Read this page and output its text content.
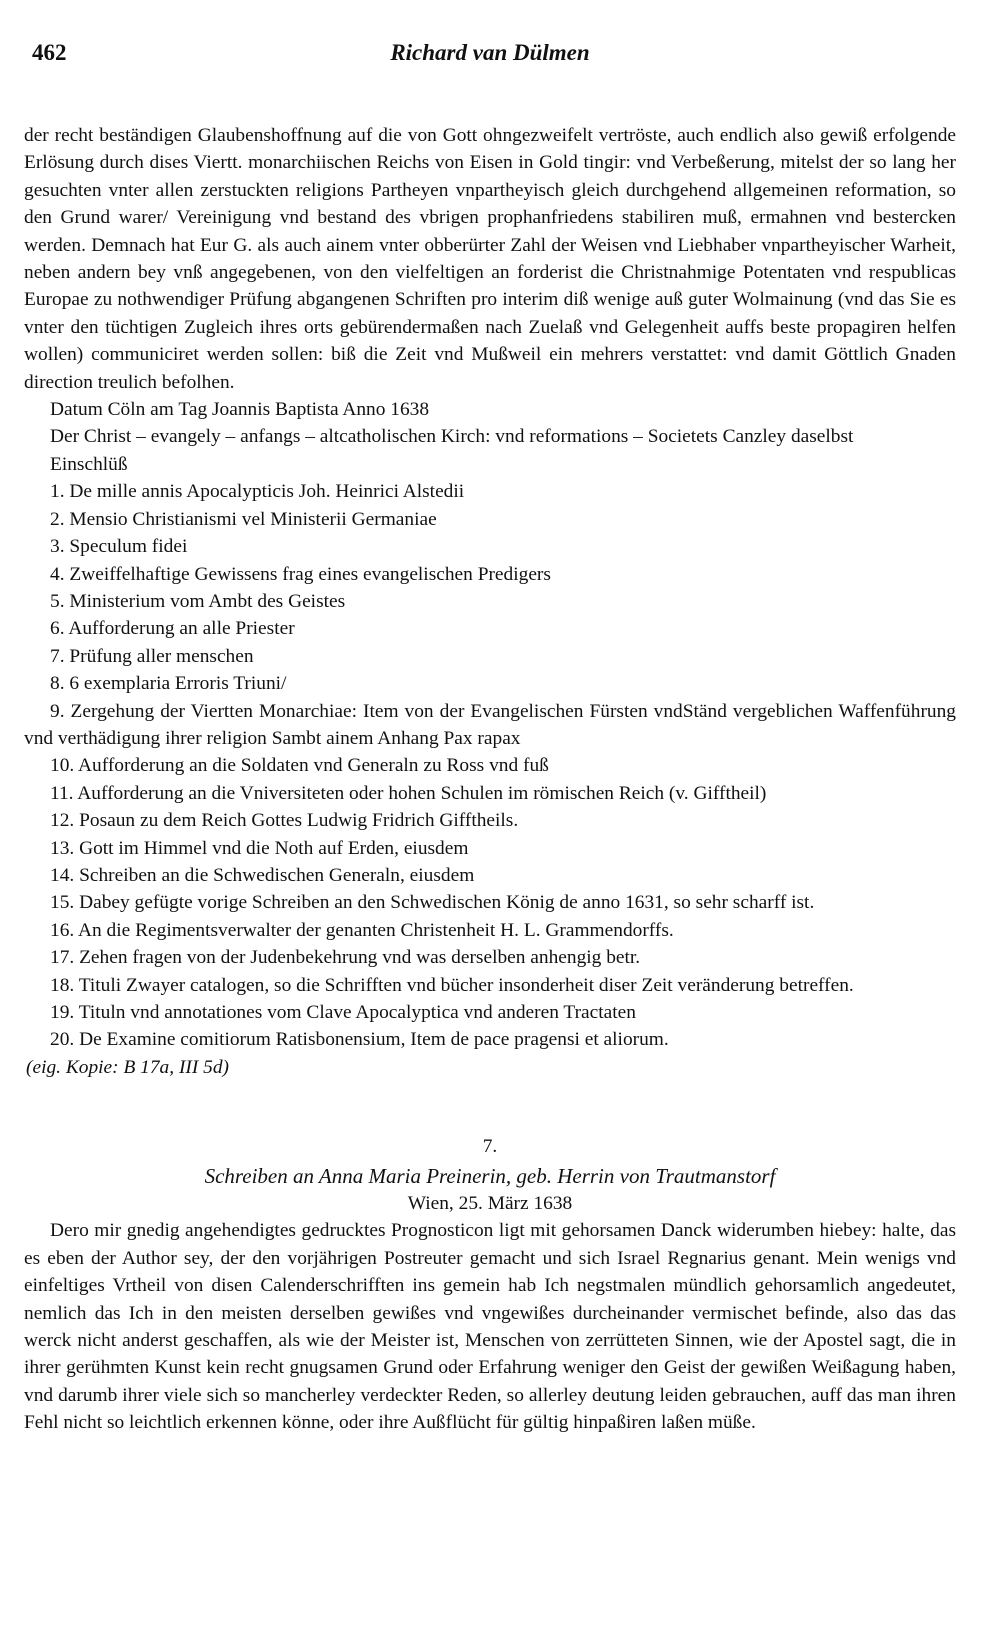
462	Richard van Dülmen

der recht beständigen Glaubenshoffnung auf die von Gott ohngezweifelt vertröste, auch endlich also gewiß erfolgende Erlösung durch dises Viertt. monarchiischen Reichs von Eisen in Gold tingir: vnd Verbeßerung, mitelst der so lang her gesuchten vnter allen zerstuckten religions Partheyen vnpartheyisch gleich durchgehend allgemeinen reformation, so den Grund warer/ Vereinigung vnd bestand des vbrigen prophanfriedens stabiliren muß, ermahnen vnd bestercken werden. Demnach hat Eur G. als auch ainem vnter obberürter Zahl der Weisen vnd Liebhaber vnpartheyischer Warheit, neben andern bey vnß angegebenen, von den vielfeltigen an forderist die Christnahmige Potentaten vnd respublicas Europae zu nothwendiger Prüfung abgangenen Schriften pro interim diß wenige auß guter Wolmainung (vnd das Sie es vnter den tüchtigen Zugleich ihres orts gebürendermaßen nach Zuelaß vnd Gelegenheit auffs beste propagiren helfen wollen) communiciret werden sollen: biß die Zeit vnd Mußweil ein mehrers verstattet: vnd damit Göttlich Gnaden direction treulich befolhen.

Datum Cöln am Tag Joannis Baptista Anno 1638

Der Christ – evangely – anfangs – altcatholischen Kirch: vnd reformations – Societets Canzley daselbst

Einschlüß

1. De mille annis Apocalypticis Joh. Heinrici Alstedii
2. Mensio Christianismi vel Ministerii Germaniae
3. Speculum fidei
4. Zweiffelhaftige Gewissens frag eines evangelischen Predigers
5. Ministerium vom Ambt des Geistes
6. Aufforderung an alle Priester
7. Prüfung aller menschen
8. 6 exemplaria Erroris Triuni/
9. Zergehung der Viertten Monarchiae: Item von der Evangelischen Fürsten vndStänd vergeblichen Waffenführung vnd verthädigung ihrer religion Sambt ainem Anhang Pax rapax
10. Aufforderung an die Soldaten vnd Generaln zu Ross vnd fuß
11. Aufforderung an die Vniversiteten oder hohen Schulen im römischen Reich (v. Gifftheil)
12. Posaun zu dem Reich Gottes Ludwig Fridrich Gifftheils.
13. Gott im Himmel vnd die Noth auf Erden, eiusdem
14. Schreiben an die Schwedischen Generaln, eiusdem
15. Dabey gefügte vorige Schreiben an den Schwedischen König de anno 1631, so sehr scharff ist.
16. An die Regimentsverwalter der genanten Christenheit H. L. Grammendorffs.
17. Zehen fragen von der Judenbekehrung vnd was derselben anhengig betr.
18. Tituli Zwayer catalogen, so die Schrifften vnd bücher insonderheit diser Zeit veränderung betreffen.
19. Tituln vnd annotationes vom Clave Apocalyptica vnd anderen Tractaten
20. De Examine comitiorum Ratisbonensium, Item de pace pragensi et aliorum.

(eig. Kopie: B 17a, III 5d)

7.
Schreiben an Anna Maria Preinerin, geb. Herrin von Trautmanstorf
Wien, 25. März 1638

Dero mir gnedig angehendigtes gedrucktes Prognosticon ligt mit gehorsamen Danck widerumben hiebey: halte, das es eben der Author sey, der den vorjährigen Postreuter gemacht und sich Israel Regnarius genant. Mein wenigs vnd einfeltiges Vrtheil von disen Calenderschrifften ins gemein hab Ich negstmalen mündlich gehorsamlich angedeutet, nemlich das Ich in den meisten derselben gewißes vnd vngewißes durcheinander vermischet befinde, also das das werck nicht anderst geschaffen, als wie der Meister ist, Menschen von zerrütteten Sinnen, wie der Apostel sagt, die in ihrer gerühmten Kunst kein recht gnugsamen Grund oder Erfahrung weniger den Geist der gewißen Weißagung haben, vnd darumb ihrer viele sich so mancherley verdeckter Reden, so allerley deutung leiden gebrauchen, auff das man ihren Fehl nicht so leichtlich erkennen könne, oder ihre Außflücht für gültig hinpaßiren laßen müße.
